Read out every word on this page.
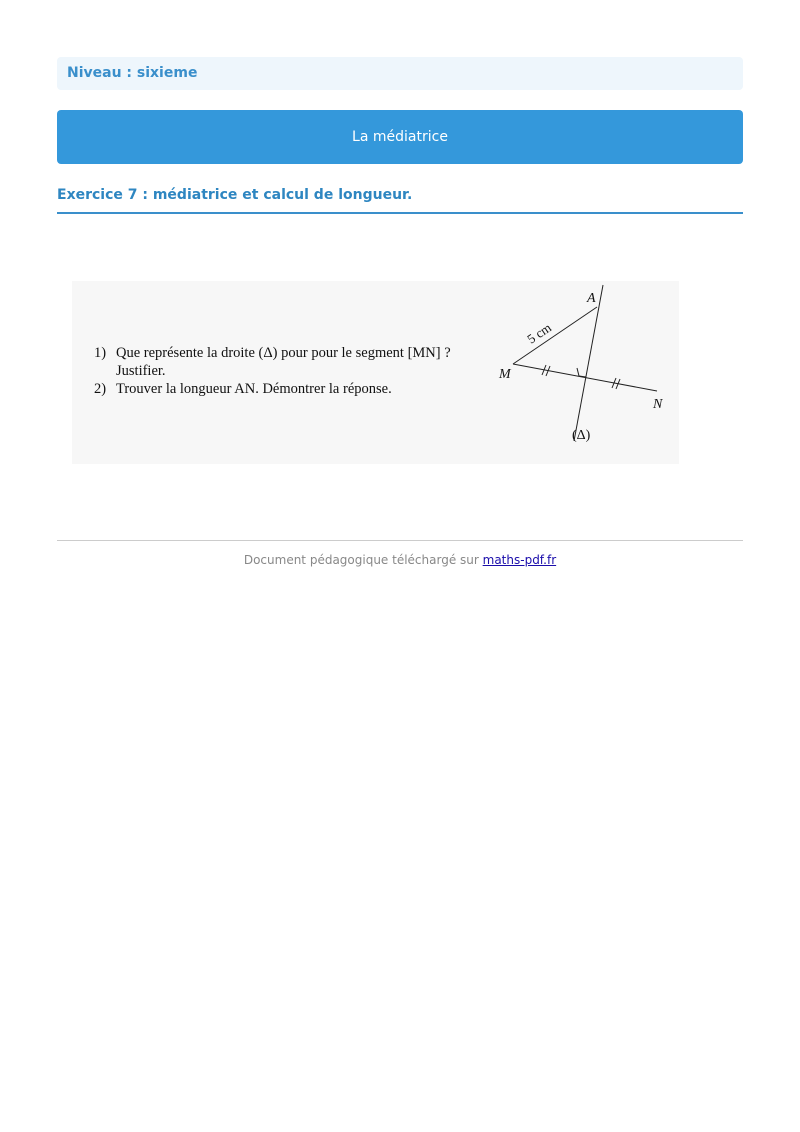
Niveau : sixieme
La médiatrice
Exercice 7 : médiatrice et calcul de longueur.
1) Que représente la droite (Δ) pour pour le segment [MN] ?
Justifier.
2) Trouver la longueur AN. Démontrer la réponse.
A
M
N
(Δ)
5 cm
Document pédagogique téléchargé sur maths-pdf.fr
